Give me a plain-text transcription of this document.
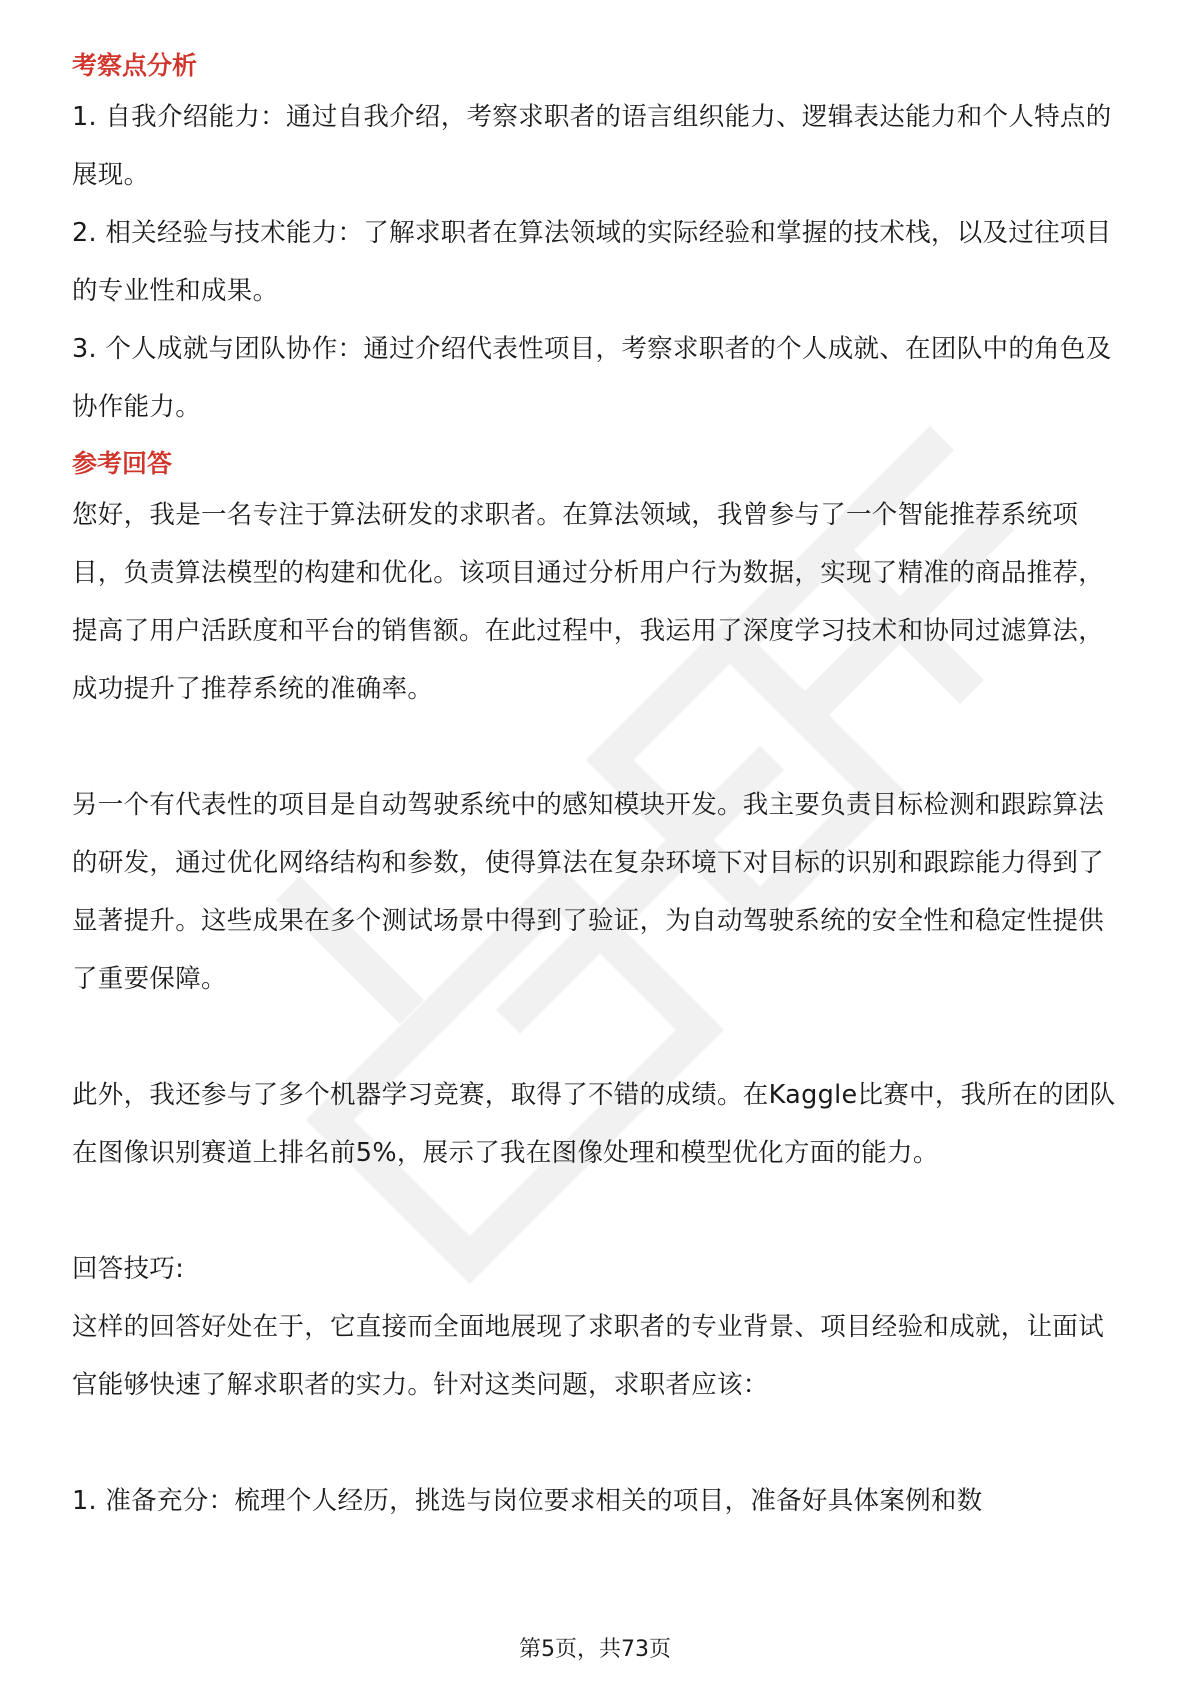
考察点分析

1. 自我介绍能力：通过自我介绍，考察求职者的语言组织能力、逻辑表达能力和个人特点的展现。

2. 相关经验与技术能力：了解求职者在算法领域的实际经验和掌握的技术栈，以及过往项目的专业性和成果。

3. 个人成就与团队协作：通过介绍代表性项目，考察求职者的个人成就、在团队中的角色及协作能力。

参考回答

您好，我是一名专注于算法研发的求职者。在算法领域，我曾参与了一个智能推荐系统项目，负责算法模型的构建和优化。该项目通过分析用户行为数据，实现了精准的商品推荐，提高了用户活跃度和平台的销售额。在此过程中，我运用了深度学习技术和协同过滤算法，成功提升了推荐系统的准确率。

另一个有代表性的项目是自动驾驶系统中的感知模块开发。我主要负责目标检测和跟踪算法的研发，通过优化网络结构和参数，使得算法在复杂环境下对目标的识别和跟踪能力得到了显著提升。这些成果在多个测试场景中得到了验证，为自动驾驶系统的安全性和稳定性提供了重要保障。

此外，我还参与了多个机器学习竞赛，取得了不错的成绩。在Kaggle比赛中，我所在的团队在图像识别赛道上排名前5%，展示了我在图像处理和模型优化方面的能力。

回答技巧:

这样的回答好处在于，它直接而全面地展现了求职者的专业背景、项目经验和成就，让面试官能够快速了解求职者的实力。针对这类问题，求职者应该：

1. 准备充分：梳理个人经历，挑选与岗位要求相关的项目，准备好具体案例和数

第5页，共73页
